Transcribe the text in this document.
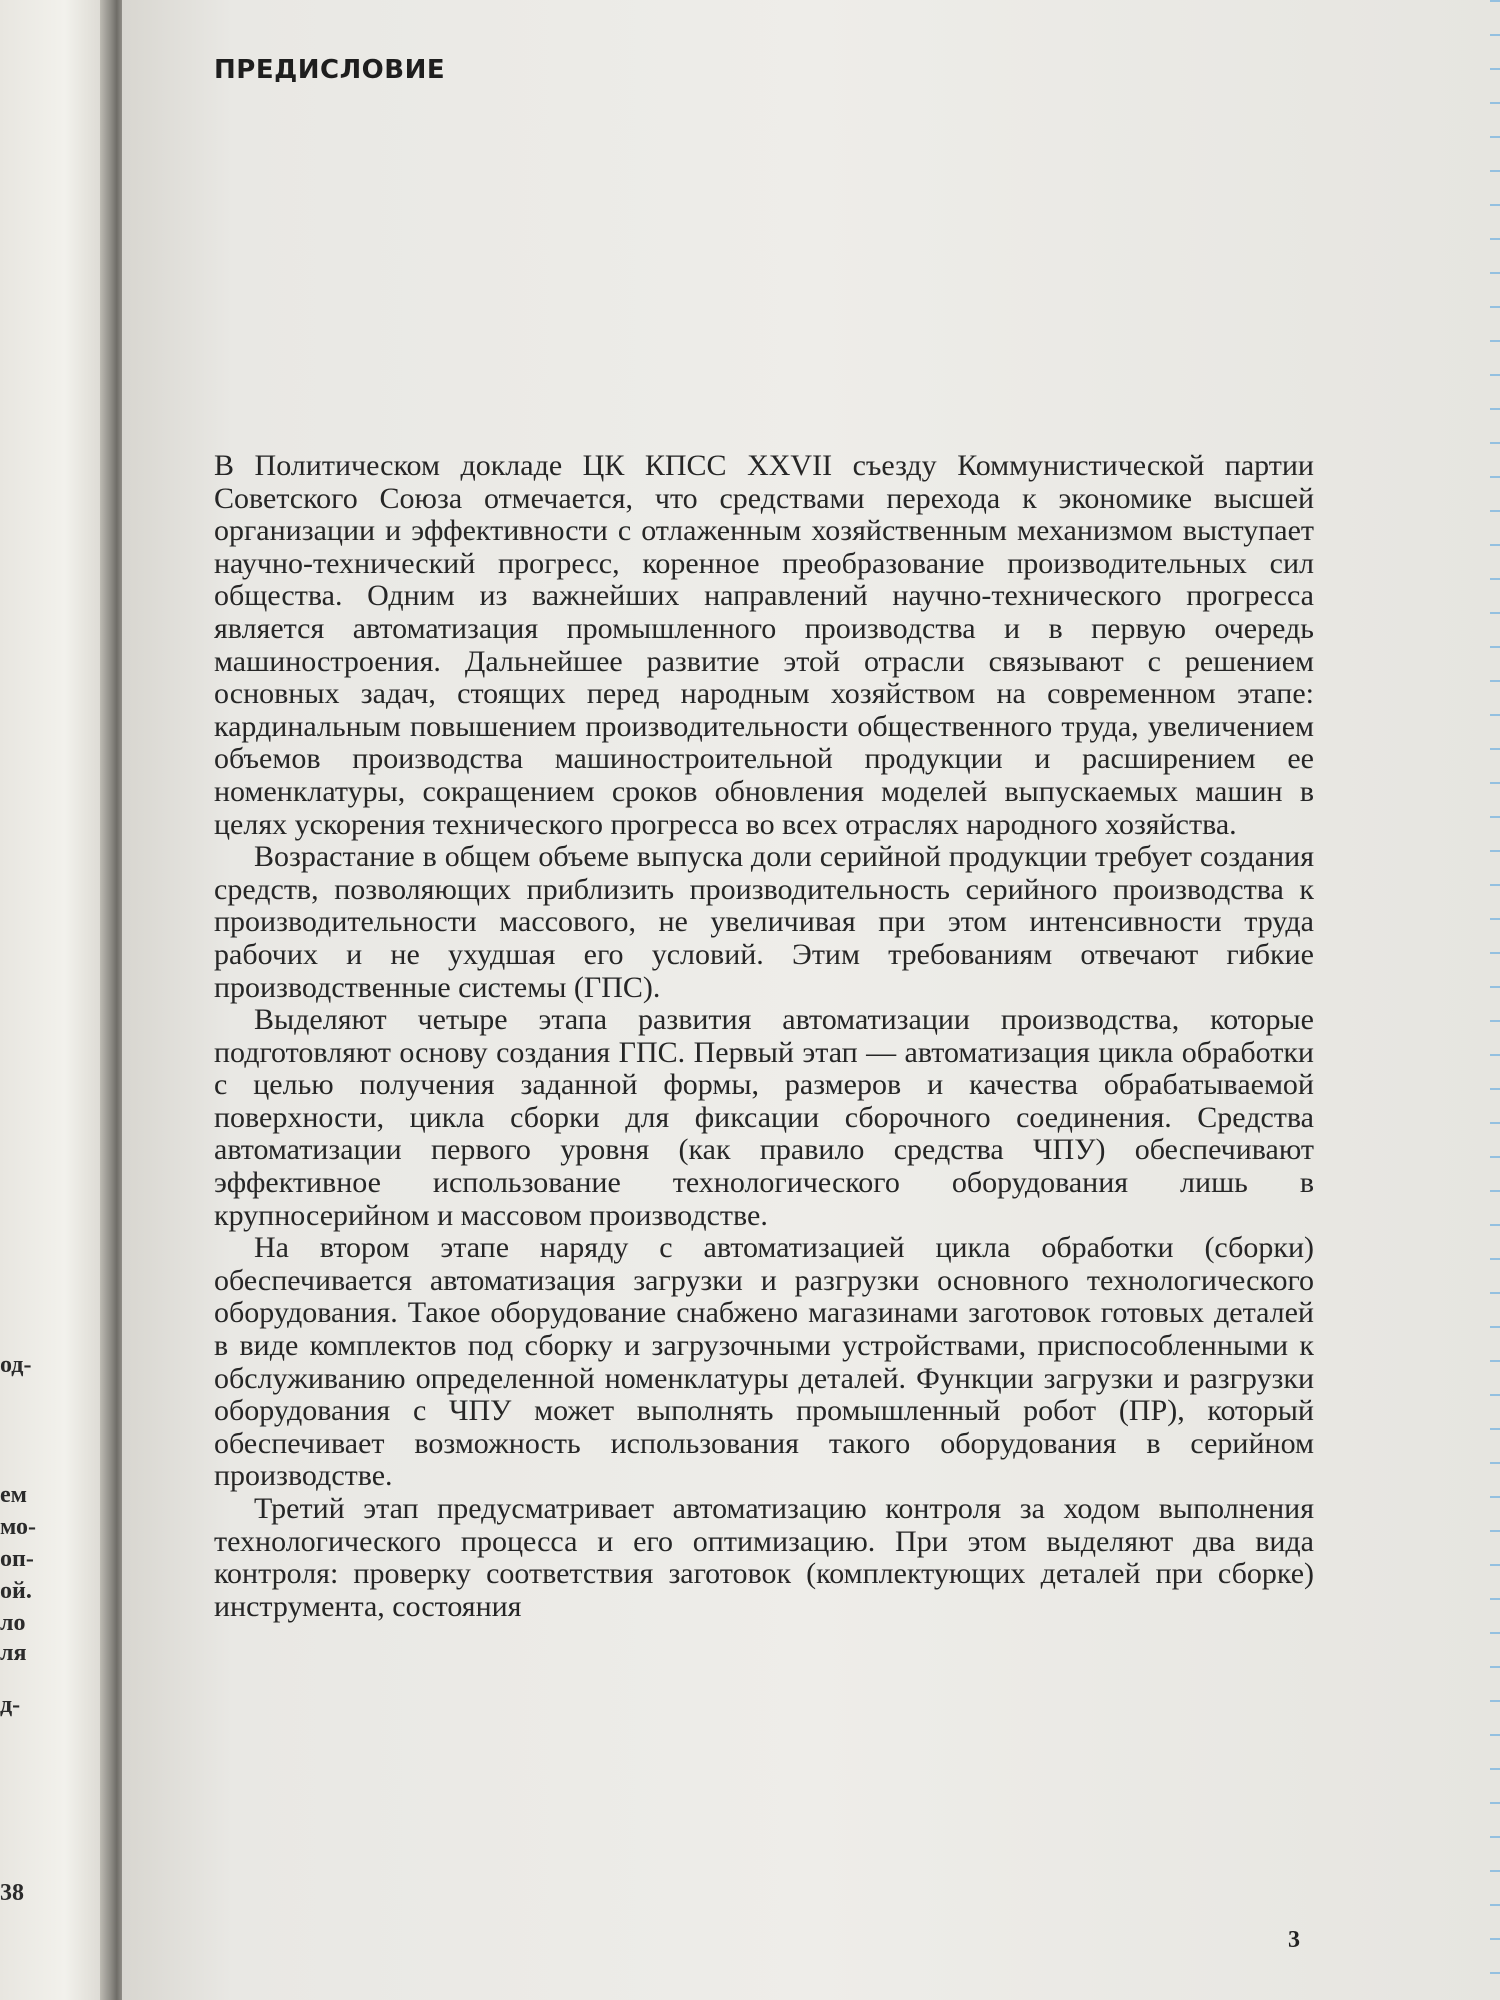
од-
ем
мо-
оп-
ой.
ло
ля
д-
38
ПРЕДИСЛОВИЕ

В Политическом докладе ЦК КПСС XXVII съезду Коммунистической партии Советского Союза отмечается, что средствами перехода к экономике высшей организации и эффективности с отлаженным хозяйственным механизмом выступает научно-технический прогресс, коренное преобразование производительных сил общества. Одним из важнейших направлений научно-технического прогресса является автоматизация промышленного производства и в первую очередь машиностроения. Дальнейшее развитие этой отрасли связывают с решением основных задач, стоящих перед народным хозяйством на современном этапе: кардинальным повышением производительности общественного труда, увеличением объемов производства машиностроительной продукции и расширением ее номенклатуры, сокращением сроков обновления моделей выпускаемых машин в целях ускорения технического прогресса во всех отраслях народного хозяйства.

Возрастание в общем объеме выпуска доли серийной продукции требует создания средств, позволяющих приблизить производительность серийного производства к производительности массового, не увеличивая при этом интенсивности труда рабочих и не ухудшая его условий. Этим требованиям отвечают гибкие производственные системы (ГПС).

Выделяют четыре этапа развития автоматизации производства, которые подготовляют основу создания ГПС. Первый этап — автоматизация цикла обработки с целью получения заданной формы, размеров и качества обрабатываемой поверхности, цикла сборки для фиксации сборочного соединения. Средства автоматизации первого уровня (как правило средства ЧПУ) обеспечивают эффективное использование технологического оборудования лишь в крупносерийном и массовом производстве.

На втором этапе наряду с автоматизацией цикла обработки (сборки) обеспечивается автоматизация загрузки и разгрузки основного технологического оборудования. Такое оборудование снабжено магазинами заготовок готовых деталей в виде комплектов под сборку и загрузочными устройствами, приспособленными к обслуживанию определенной номенклатуры деталей. Функции загрузки и разгрузки оборудования с ЧПУ может выполнять промышленный робот (ПР), который обеспечивает возможность использования такого оборудования в серийном производстве.

Третий этап предусматривает автоматизацию контроля за ходом выполнения технологического процесса и его оптимизацию. При этом выделяют два вида контроля: проверку соответствия заготовок (комплектующих деталей при сборке) инструмента, состояния

3
